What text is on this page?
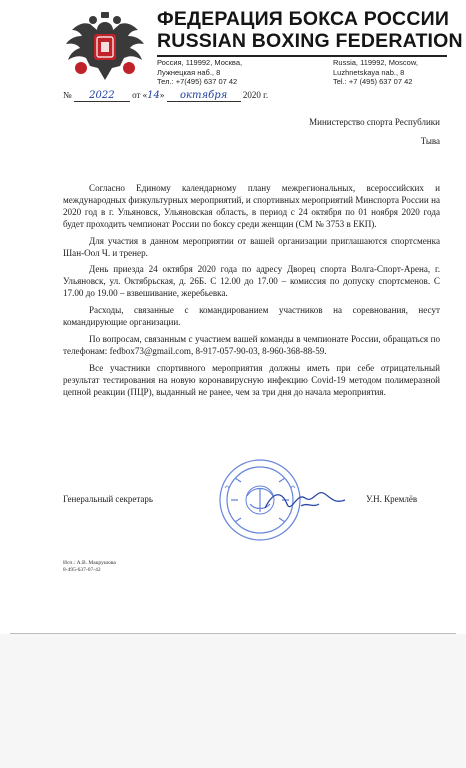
ФЕДЕРАЦИЯ БОКСА РОССИИ
RUSSIAN BOXING FEDERATION
Россия, 119992, Москва,
Лужнецкая наб., 8
Тел.: +7(495) 637 07 42
Russia, 119992, Moscow,
Luzhnetskaya nab., 8
Tel.: +7 (495) 637 07 42
№ 2022 от «14» октября 2020 г.
Министерство спорта Республики
Тыва

Согласно Единому календарному плану межрегиональных, всероссийских и международных физкультурных мероприятий, и спортивных мероприятий Минспорта России на 2020 год в г. Ульяновск, Ульяновская область, в период с 24 октября по 01 ноября 2020 года будет проходить чемпионат России по боксу среди женщин (СМ № 3753 в ЕКП).

Для участия в данном мероприятии от вашей организации приглашаются спортсменка Шан-Оол Ч. и тренер.

День приезда 24 октября 2020 года по адресу Дворец спорта Волга-Спорт-Арена, г. Ульяновск, ул. Октябрьская, д. 26Б. С 12.00 до 17.00 – комиссия по допуску спортсменов. С 17.00 до 19.00 – взвешивание, жеребьевка.

Расходы, связанные с командированием участников на соревнования, несут командирующие организации.

По вопросам, связанным с участием вашей команды в чемпионате России, обращаться по телефонам: fedbox73@gmail.com, 8-917-057-90-03, 8-960-368-88-59.

Все участники спортивного мероприятия должны иметь при себе отрицательный результат тестирования на новую коронавирусную инфекцию Covid-19 методом полимеразной цепной реакции (ПЦР), выданный не ранее, чем за три дня до начала мероприятия.

Генеральный секретарь	У.Н. Кремлёв
Исп.: А.В. Макрушова
8-495-637-07-42
